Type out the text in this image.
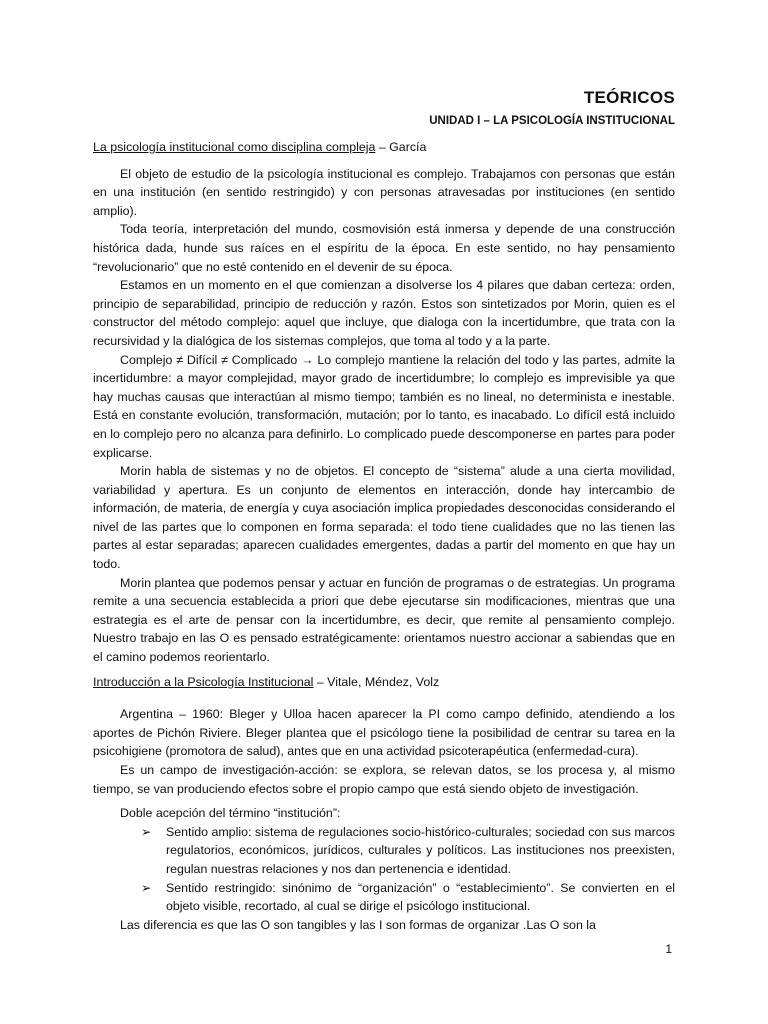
TEÓRICOS
UNIDAD I – LA PSICOLOGÍA INSTITUCIONAL
La psicología institucional como disciplina compleja – García

El objeto de estudio de la psicología institucional es complejo. Trabajamos con personas que están en una institución (en sentido restringido) y con personas atravesadas por instituciones (en sentido amplio).

Toda teoría, interpretación del mundo, cosmovisión está inmersa y depende de una construcción histórica dada, hunde sus raíces en el espíritu de la época. En este sentido, no hay pensamiento “revolucionario” que no esté contenido en el devenir de su época.

Estamos en un momento en el que comienzan a disolverse los 4 pilares que daban certeza: orden, principio de separabilidad, principio de reducción y razón. Estos son sintetizados por Morin, quien es el constructor del método complejo: aquel que incluye, que dialoga con la incertidumbre, que trata con la recursividad y la dialógica de los sistemas complejos, que toma al todo y a la parte.

Complejo ≠ Difícil ≠ Complicado → Lo complejo mantiene la relación del todo y las partes, admite la incertidumbre: a mayor complejidad, mayor grado de incertidumbre; lo complejo es imprevisible ya que hay muchas causas que interactúan al mismo tiempo; también es no lineal, no determinista e inestable. Está en constante evolución, transformación, mutación; por lo tanto, es inacabado. Lo difícil está incluido en lo complejo pero no alcanza para definirlo. Lo complicado puede descomponerse en partes para poder explicarse.

Morin habla de sistemas y no de objetos. El concepto de “sistema” alude a una cierta movilidad, variabilidad y apertura. Es un conjunto de elementos en interacción, donde hay intercambio de información, de materia, de energía y cuya asociación implica propiedades desconocidas considerando el nivel de las partes que lo componen en forma separada: el todo tiene cualidades que no las tienen las partes al estar separadas; aparecen cualidades emergentes, dadas a partir del momento en que hay un todo.

Morin plantea que podemos pensar y actuar en función de programas o de estrategias. Un programa remite a una secuencia establecida a priori que debe ejecutarse sin modificaciones, mientras que una estrategia es el arte de pensar con la incertidumbre, es decir, que remite al pensamiento complejo. Nuestro trabajo en las O es pensado estratégicamente: orientamos nuestro accionar a sabiendas que en el camino podemos reorientarlo.

Introducción a la Psicología Institucional – Vitale, Méndez, Volz

Argentina – 1960: Bleger y Ulloa hacen aparecer la PI como campo definido, atendiendo a los aportes de Pichón Riviere. Bleger plantea que el psicólogo tiene la posibilidad de centrar su tarea en la psicohigiene (promotora de salud), antes que en una actividad psicoterapéutica (enfermedad-cura).

Es un campo de investigación-acción: se explora, se relevan datos, se los procesa y, al mismo tiempo, se van produciendo efectos sobre el propio campo que está siendo objeto de investigación.

Doble acepción del término “institución”:

➢ Sentido amplio: sistema de regulaciones socio-histórico-culturales; sociedad con sus marcos regulatorios, económicos, jurídicos, culturales y políticos. Las instituciones nos preexisten, regulan nuestras relaciones y nos dan pertenencia e identidad.
➢ Sentido restringido: sinónimo de “organización” o “establecimiento”. Se convierten en el objeto visible, recortado, al cual se dirige el psicólogo institucional.

Las diferencia es que las O son tangibles y las I son formas de organizar .Las O son la

1
